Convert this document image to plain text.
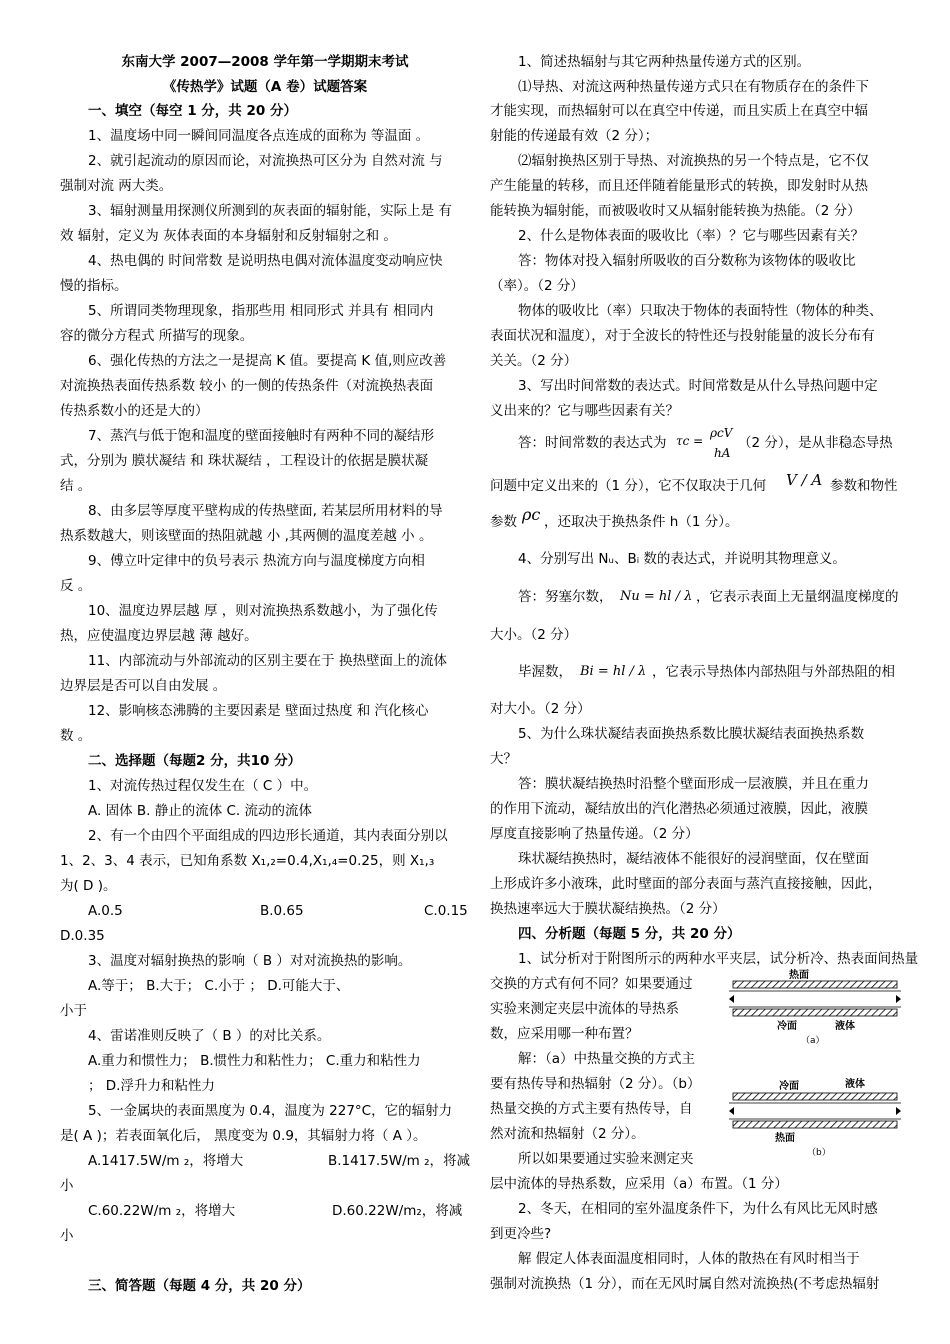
东南大学 2007—2008 学年第一学期期末考试
《传热学》试题（A 卷）试题答案
一、填空（每空 1 分，共 20 分）
1、温度场中同一瞬间同温度各点连成的面称为 等温面 。
2、就引起流动的原因而论，对流换热可区分为 自然对流 与
强制对流 两大类。
3、辐射测量用探测仪所测到的灰表面的辐射能，实际上是 有
效 辐射，定义为 灰体表面的本身辐射和反射辐射之和 。
4、热电偶的 时间常数 是说明热电偶对流体温度变动响应快
慢的指标。
5、所谓同类物理现象，指那些用 相同形式 并具有 相同内
容的微分方程式 所描写的现象。
6、强化传热的方法之一是提高 K 值。要提高 K 值,则应改善
对流换热表面传热系数 较小 的一侧的传热条件（对流换热表面
传热系数小的还是大的）
7、蒸汽与低于饱和温度的壁面接触时有两种不同的凝结形
式，分别为 膜状凝结 和 珠状凝结 ，工程设计的依据是膜状凝
结 。
8、由多层等厚度平壁构成的传热壁面, 若某层所用材料的导
热系数越大，则该壁面的热阻就越 小 ,其两侧的温度差越 小 。
9、傅立叶定律中的负号表示 热流方向与温度梯度方向相
反 。
10、温度边界层越 厚 ，则对流换热系数越小，为了强化传
热，应使温度边界层越 薄 越好。
11、内部流动与外部流动的区别主要在于 换热壁面上的流体
边界层是否可以自由发展 。
12、影响核态沸腾的主要因素是 壁面过热度 和 汽化核心
数 。
二、选择题（每题2 分，共10 分）
1、对流传热过程仅发生在（ C ）中。
A. 固体 B. 静止的流体 C. 流动的流体
2、有一个由四个平面组成的四边形长通道，其内表面分别以
1、2、3、4 表示，已知角系数 X₁,₂=0.4,X₁,₄=0.25，则 X₁,₃
为( D )。
A.0.5	B.0.65	C.0.15
D.0.35
3、温度对辐射换热的影响（ B ）对对流换热的影响。
A.等于； B.大于； C.小于 ； D.可能大于、
小于
4、雷诺准则反映了（ B ）的对比关系。
A.重力和惯性力； B.惯性力和粘性力； C.重力和粘性力
； D.浮升力和粘性力
5、一金属块的表面黑度为 0.4，温度为 227°C，它的辐射力
是( A )；若表面氧化后， 黑度变为 0.9，其辐射力将（ A ）。
A.1417.5W/m ₂，将增大	B.1417.5W/m ₂，将减
小
C.60.22W/m ₂，将增大	D.60.22W/m₂，将减
小
三、简答题（每题 4 分，共 20 分）
1、简述热辐射与其它两种热量传递方式的区别。
⑴导热、对流这两种热量传递方式只在有物质存在的条件下
才能实现，而热辐射可以在真空中传递，而且实质上在真空中辐
射能的传递最有效（2 分）；
⑵辐射换热区别于导热、对流换热的另一个特点是，它不仅
产生能量的转移，而且还伴随着能量形式的转换，即发射时从热
能转换为辐射能，而被吸收时又从辐射能转换为热能。（2 分）
2、什么是物体表面的吸收比（率）？它与哪些因素有关？
答：物体对投入辐射所吸收的百分数称为该物体的吸收比
（率）。（2 分）
物体的吸收比（率）只取决于物体的表面特性（物体的种类、
表面状况和温度），对于全波长的特性还与投射能量的波长分布有
关关。（2 分）
3、写出时间常数的表达式。时间常数是从什么导热问题中定
义出来的？它与哪些因素有关？
答：时间常数的表达式为 τc =
ρcV
hA
（2 分），是从非稳态导热
问题中定义出来的（1 分），它不仅取决于几何 V / A 参数和物性
参数 ρc ，还取决于换热条件 h（1 分）。
4、分别写出 Nᵤ、Bᵢ 数的表达式，并说明其物理意义。
答：努塞尔数， Nu = hl / λ ，它表示表面上无量纲温度梯度的
大小。（2 分）
毕渥数， Bi = hl / λ ，它表示导热体内部热阻与外部热阻的相
对大小。（2 分）
5、为什么珠状凝结表面换热系数比膜状凝结表面换热系数
大？
答：膜状凝结换热时沿整个壁面形成一层液膜，并且在重力
的作用下流动，凝结放出的汽化潜热必须通过液膜，因此，液膜
厚度直接影响了热量传递。（2 分）
珠状凝结换热时，凝结液体不能很好的浸润壁面，仅在壁面
上形成许多小液珠，此时壁面的部分表面与蒸汽直接接触，因此，
换热速率远大于膜状凝结换热。（2 分）
四、分析题（每题 5 分，共 20 分）
1、试分析对于附图所示的两种水平夹层，试分析冷、热表面间热量
交换的方式有何不同？如果要通过
实验来测定夹层中流体的导热系
数，应采用哪一种布置？
解：（a）中热量交换的方式主
要有热传导和热辐射（2 分）。（b）
热量交换的方式主要有热传导，自
然对流和热辐射（2 分）。
所以如果要通过实验来测定夹
层中流体的导热系数，应采用（a）布置。（1 分）
2、冬天，在相同的室外温度条件下，为什么有风比无风时感
到更冷些?
解 假定人体表面温度相同时，人体的散热在有风时相当于
强制对流换热（1 分），而在无风时属自然对流换热(不考虑热辐射
热面
冷面	液体
（a）
冷面	液体
热面
（b）
